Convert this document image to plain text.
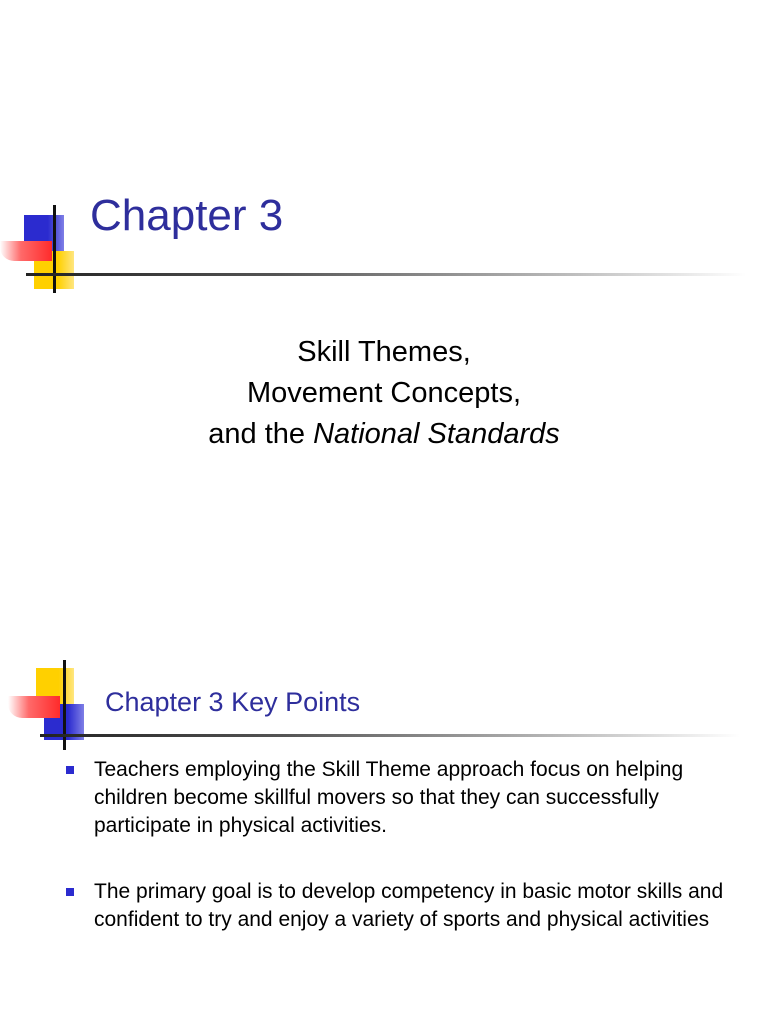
Chapter 3

Skill Themes,
Movement Concepts,
and the National Standards

Chapter 3 Key Points
Teachers employing the Skill Theme approach focus on helping children become skillful movers so that they can successfully participate in physical activities.
The primary goal is to develop competency in basic motor skills and confident to try and enjoy a variety of sports and physical activities
